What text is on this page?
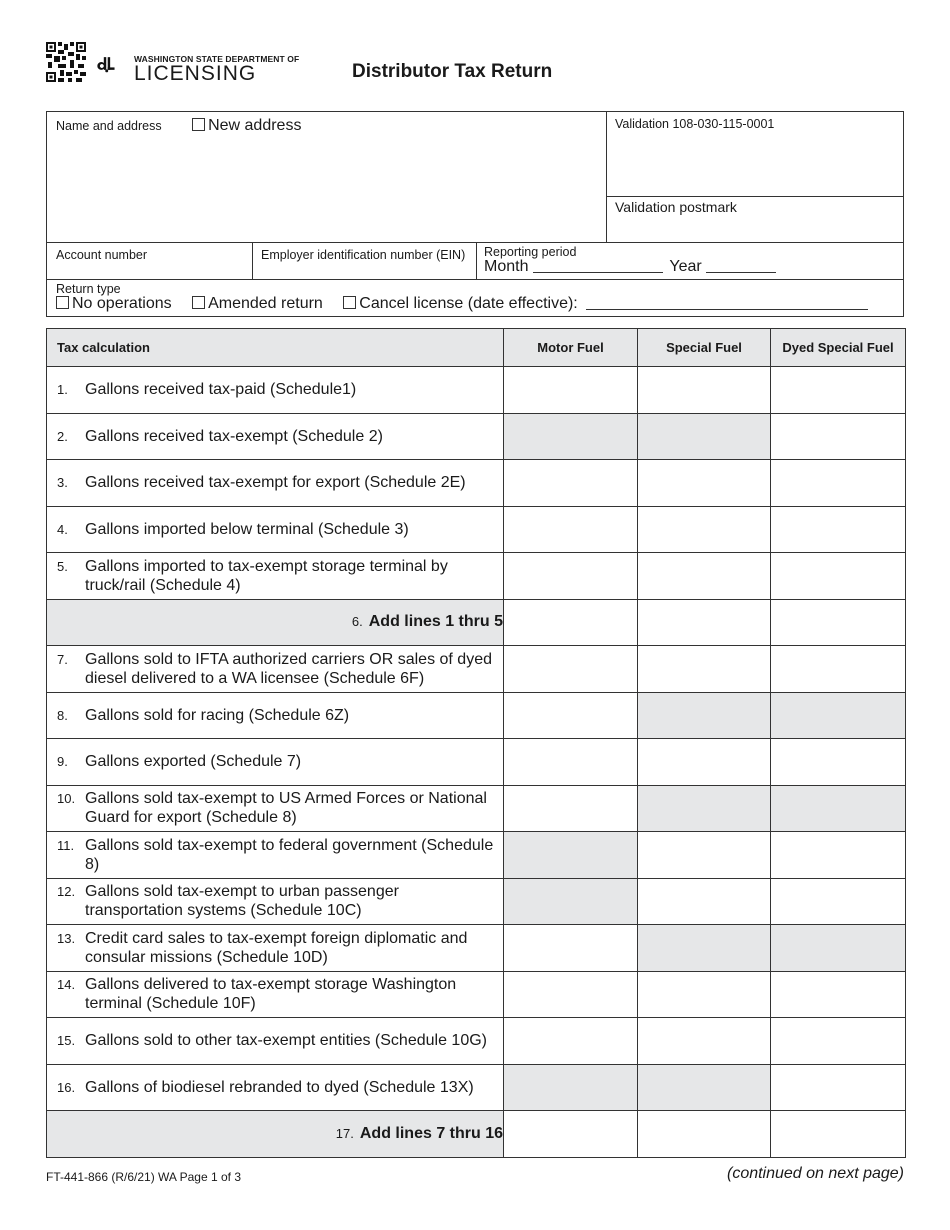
WASHINGTON STATE DEPARTMENT OF
LICENSING	Distributor Tax Return
Name and address	New address	Validation 108-030-115-0001
Validation postmark
Account number	Employer identification number (EIN)	Reporting period
Month	Year
Return type
No operations Amended return Cancel license (date effective):
Tax calculation	Motor Fuel	Special Fuel	Dyed Special Fuel
1. Gallons received tax-paid (Schedule1)			
2. Gallons received tax-exempt (Schedule 2)			
3. Gallons received tax-exempt for export (Schedule 2E)			
4. Gallons imported below terminal (Schedule 3)			
5. Gallons imported to tax-exempt storage terminal by truck/rail (Schedule 4)			
6. Add lines 1 thru 5			
7. Gallons sold to IFTA authorized carriers OR sales of dyed diesel delivered to a WA licensee (Schedule 6F)			
8. Gallons sold for racing (Schedule 6Z)			
9. Gallons exported (Schedule 7)			
10. Gallons sold tax-exempt to US Armed Forces or National Guard for export (Schedule 8)			
11. Gallons sold tax-exempt to federal government (Schedule 8)			
12. Gallons sold tax-exempt to urban passenger transportation systems (Schedule 10C)			
13. Credit card sales to tax-exempt foreign diplomatic and consular missions (Schedule 10D)			
14. Gallons delivered to tax-exempt storage Washington terminal (Schedule 10F)			
15. Gallons sold to other tax-exempt entities (Schedule 10G)			
16. Gallons of biodiesel rebranded to dyed (Schedule 13X)			
17. Add lines 7 thru 16			
FT-441-866 (R/6/21) WA Page 1 of 3	(continued on next page)
